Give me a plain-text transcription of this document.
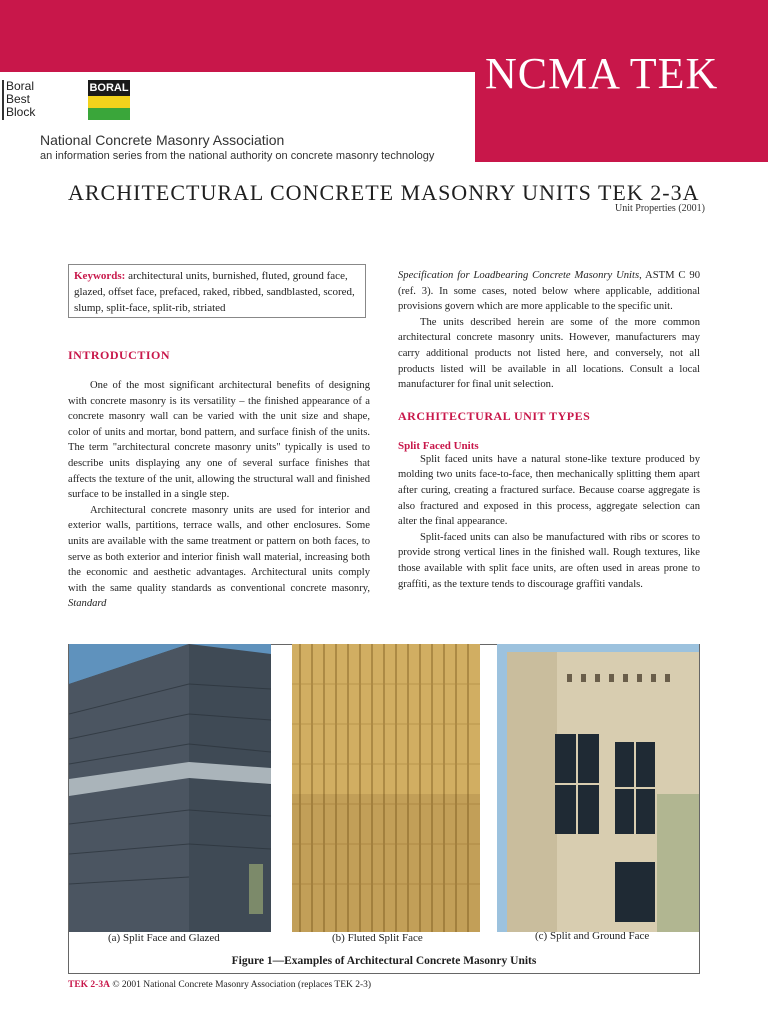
NCMA TEK
Boral
Best
Block
BORAL
National Concrete Masonry Association
an information series from the national authority on concrete masonry technology
ARCHITECTURAL CONCRETE MASONRY UNITS TEK 2-3A
Unit Properties (2001)
Keywords: architectural units, burnished, fluted, ground face, glazed, offset face, prefaced, raked, ribbed, sandblasted, scored, slump, split-face, split-rib, striated
INTRODUCTION

One of the most significant architectural benefits of designing with concrete masonry is its versatility – the finished appearance of a concrete masonry wall can be varied with the unit size and shape, color of units and mortar, bond pattern, and surface finish of the units. The term "architectural concrete masonry units" typically is used to describe units displaying any one of several surface finishes that affects the texture of the unit, allowing the structural wall and finished surface to be installed in a single step.

Architectural concrete masonry units are used for interior and exterior walls, partitions, terrace walls, and other enclosures. Some units are available with the same treatment or pattern on both faces, to serve as both exterior and interior finish wall material, increasing both the economic and aesthetic advantages. Architectural units comply with the same quality standards as conventional concrete masonry, Standard

Specification for Loadbearing Concrete Masonry Units, ASTM C 90 (ref. 3). In some cases, noted below where applicable, additional provisions govern which are more applicable to the specific unit.

The units described herein are some of the more common architectural concrete masonry units. However, manufacturers may carry additional products not listed here, and conversely, not all products listed will be available in all locations. Consult a local manufacturer for final unit selection.

ARCHITECTURAL UNIT TYPES
Split Faced Units

Split faced units have a natural stone-like texture produced by molding two units face-to-face, then mechanically splitting them apart after curing, creating a fractured surface. Because coarse aggregate is also fractured and exposed in this process, aggregate selection can alter the final appearance.

Split-faced units can also be manufactured with ribs or scores to provide strong vertical lines in the finished wall. Rough textures, like those available with split face units, are often used in areas prone to graffiti, as the texture tends to discourage graffiti vandals.

(a) Split Face and Glazed	(b) Fluted Split Face	(c) Split and Ground Face
Figure 1—Examples of Architectural Concrete Masonry Units
TEK 2-3A © 2001 National Concrete Masonry Association (replaces TEK 2-3)
